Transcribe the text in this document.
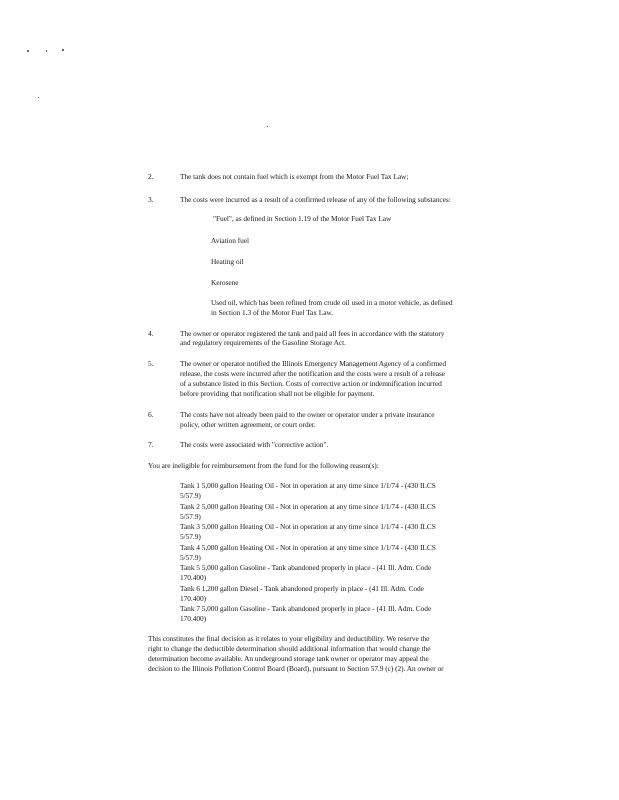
2.	The tank does not contain fuel which is exempt from the Motor Fuel Tax Law;
3.	The costs were incurred as a result of a confirmed release of any of the following substances:
"Fuel", as defined in Section 1.19 of the Motor Fuel Tax Law
Aviation fuel
Heating oil
Kerosene
Used oil, which has been refined from crude oil used in a motor vehicle, as defined
in Section 1.3 of the Motor Fuel Tax Law.
4.	The owner or operator registered the tank and paid all fees in accordance with the statutory
and regulatory requirements of the Gasoline Storage Act.
5.	The owner or operator notified the Illinois Emergency Management Agency of a confirmed
release, the costs were incurred after the notification and the costs were a result of a release
of a substance listed in this Section. Costs of corrective action or indemnification incurred
before providing that notification shall not be eligible for payment.
6.	The costs have not already been paid to the owner or operator under a private insurance
policy, other written agreement, or court order.
7.	The costs were associated with "corrective action".
You are ineligible for reimbursement from the fund for the following reason(s):
Tank 1 5,000 gallon Heating Oil - Not in operation at any time since 1/1/74 - (430 ILCS
5/57.9)
Tank 2 5,000 gallon Heating Oil - Not in operation at any time since 1/1/74 - (430 ILCS
5/57.9)
Tank 3 5,000 gallon Heating Oil - Not in operation at any time since 1/1/74 - (430 ILCS
5/57.9)
Tank 4 5,000 gallon Heating Oil - Not in operation at any time since 1/1/74 - (430 ILCS
5/57.9)
Tank 5 5,000 gallon Gasoline - Tank abandoned properly in place - (41 Ill. Adm. Code
170.400)
Tank 6 1,200 gallon Diesel - Tank abandoned properly in place - (41 Ill. Adm. Code
170.400)
Tank 7 5,000 gallon Gasoline - Tank abandoned properly in place - (41 Ill. Adm. Code
170.400)
This constitutes the final decision as it relates to your eligibility and deductibility. We reserve the
right to change the deductible determination should additional information that would change the
determination become available. An underground storage tank owner or operator may appeal the
decision to the Illinois Pollution Control Board (Board), pursuant to Section 57.9 (c) (2). An owner or
